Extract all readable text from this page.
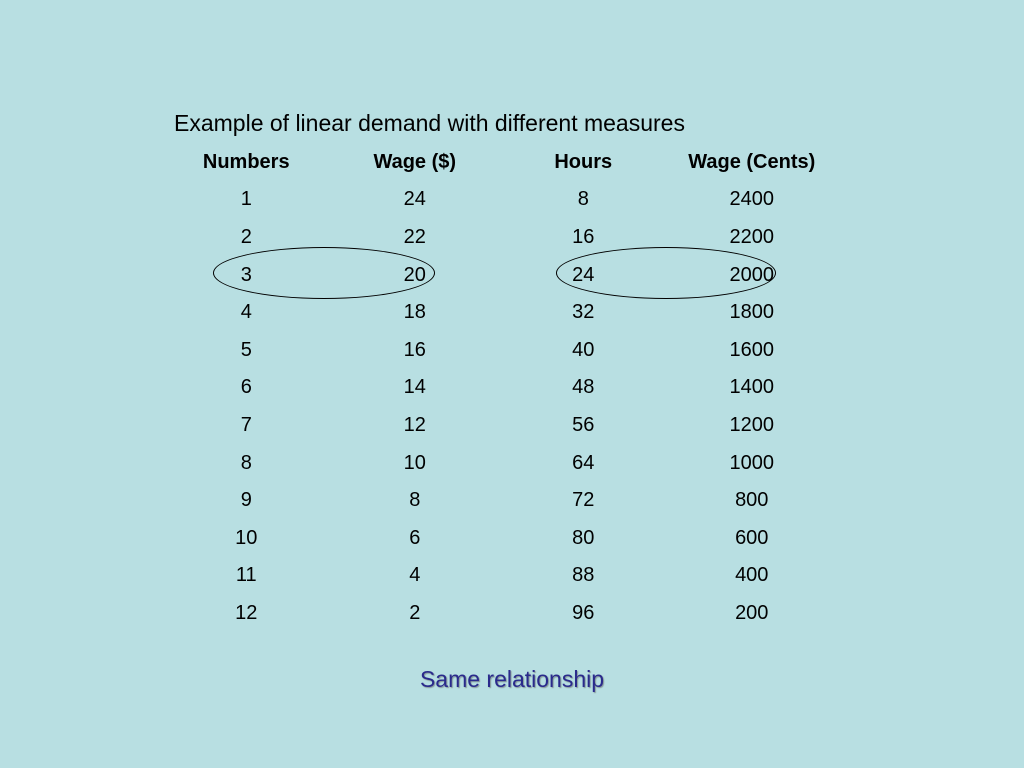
Example of linear demand with different measures
Numbers	Wage ($)	Hours	Wage (Cents)
1	24	8	2400
2	22	16	2200
3	20	24	2000
4	18	32	1800
5	16	40	1600
6	14	48	1400
7	12	56	1200
8	10	64	1000
9	8	72	800
10	6	80	600
11	4	88	400
12	2	96	200
Same relationship
